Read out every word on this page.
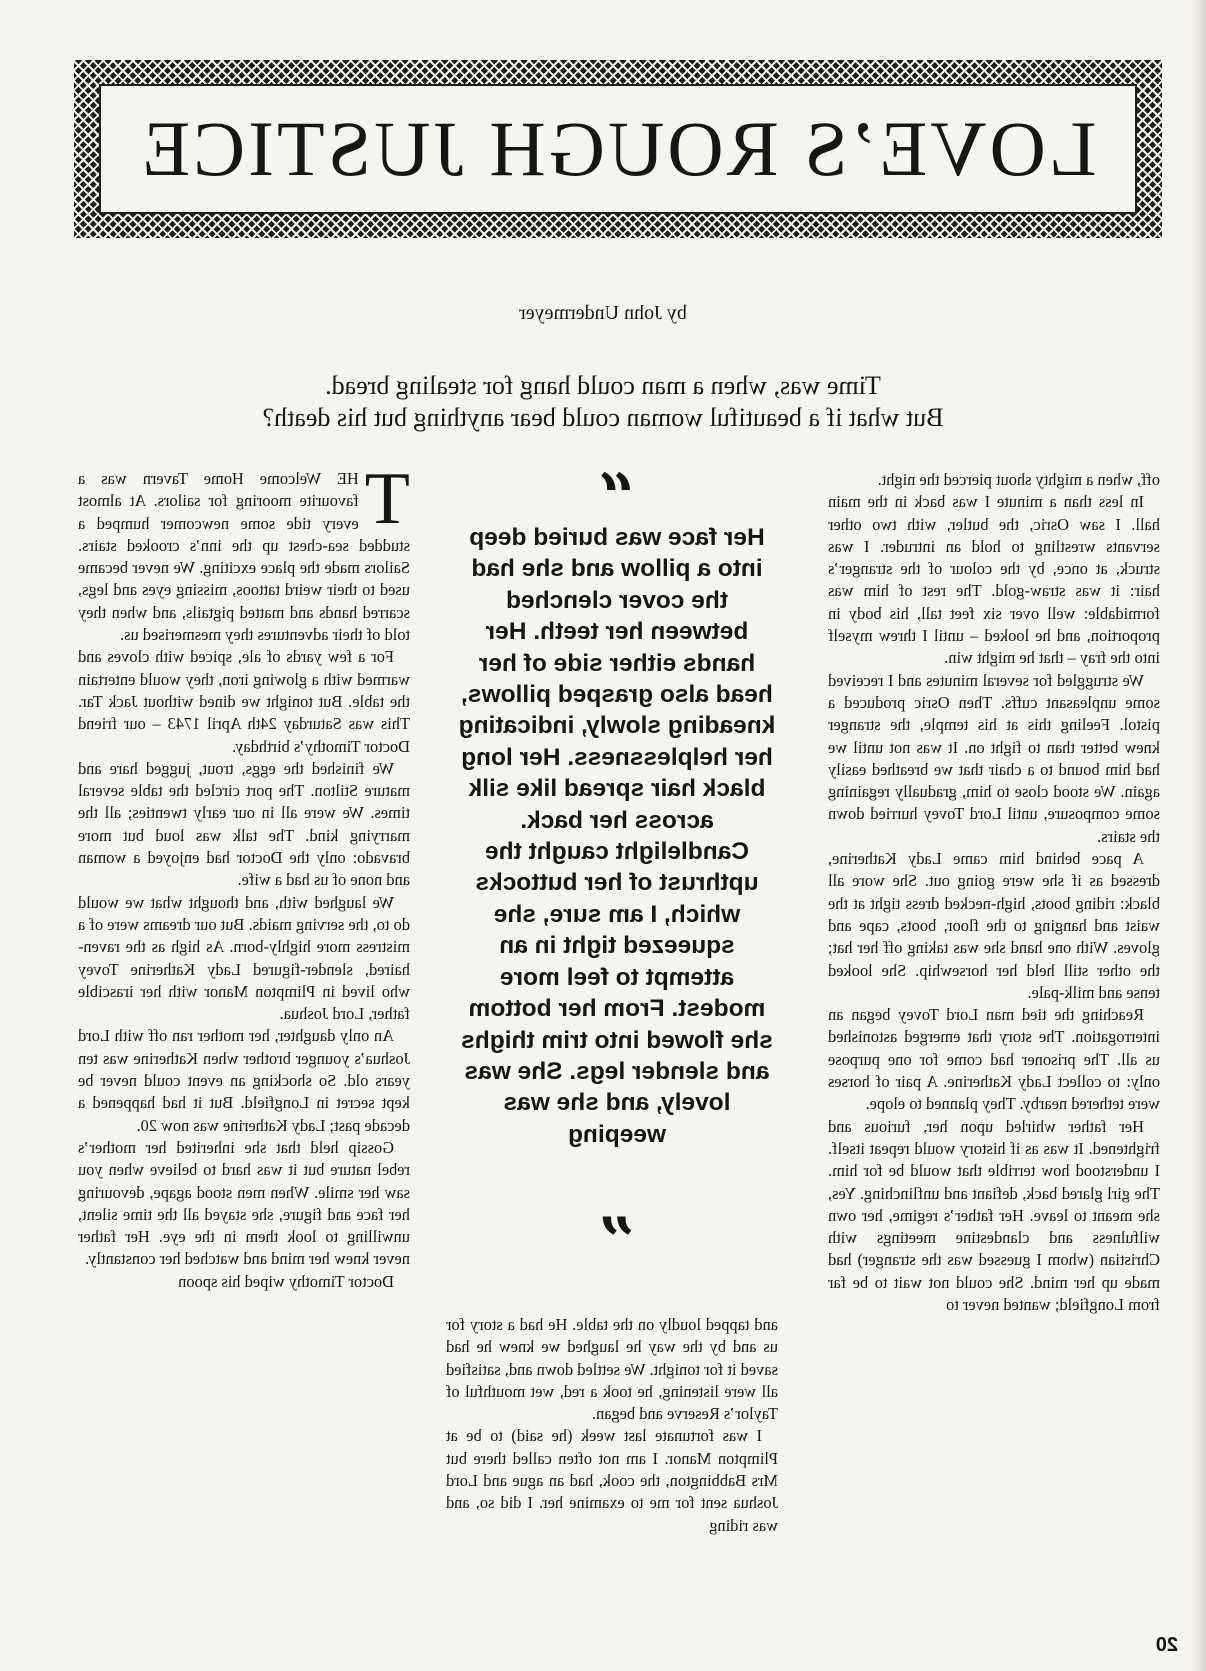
LOVE’S ROUGH JUSTICE
by John Undermeyer
Time was, when a man could hang for stealing bread.
But what if a beautiful woman could bear anything but his death?

T
HE Welcome Home Tavern was a favourite mooring for sailors. At almost every tide some newcomer humped a studded sea-chest up the inn’s crooked stairs. Sailors made the place exciting. We never became used to their weird tattoos, missing eyes and legs, scarred hands and matted pigtails, and when they told of their adventures they mesmerised us.

For a few yards of ale, spiced with cloves and warmed with a glowing iron, they would entertain the table. But tonight we dined without Jack Tar. This was Saturday 24th April 1743 – our friend Doctor Timothy’s birthday.

We finished the eggs, trout, jugged hare and mature Stilton. The port circled the table several times. We were all in our early twenties; all the marrying kind. The talk was loud but more bravado: only the Doctor had enjoyed a woman and none of us had a wife.

We laughed with, and thought what we would do to, the serving maids. But our dreams were of a mistress more highly-born. As high as the raven-haired, slender-figured Lady Katherine Tovey who lived in Plimpton Manor with her irascible father, Lord Joshua.

An only daughter, her mother ran off with Lord Joshua’s younger brother when Katherine was ten years old. So shocking an event could never be kept secret in Longfield. But it had happened a decade past; Lady Katherine was now 20.

Gossip held that she inherited her mother’s rebel nature but it was hard to believe when you saw her smile. When men stood agape, devouring her face and figure, she stayed all the time silent, unwilling to look them in the eye. Her father never knew her mind and watched her constantly.

Doctor Timothy wiped his spoon

“
Her face was buried deep into a pillow and she had the cover clenched between her teeth. Her hands either side of her head also grasped pillows, kneading slowly, indicating her helplessness. Her long black hair spread like silk across her back. Candlelight caught the upthrust of her buttocks which, I am sure, she squeezed tight in an attempt to feel more modest. From her bottom she flowed into trim thighs and slender legs. She was lovely, and she was weeping
”

and tapped loudly on the table. He had a story for us and by the way he laughed we knew he had saved it for tonight. We settled down and, satisfied all were listening, he took a red, wet mouthful of Taylor’s Reserve and began.

I was fortunate last week (he said) to be at Plimpton Manor. I am not often called there but Mrs Babbington, the cook, had an ague and Lord Joshua sent for me to examine her. I did so, and was riding

off, when a mighty shout pierced the night.

In less than a minute I was back in the main hall. I saw Osric, the butler, with two other servants wrestling to hold an intruder. I was struck, at once, by the colour of the stranger’s hair: it was straw-gold. The rest of him was formidable: well over six feet tall, his body in proportion, and he looked – until I threw myself into the fray – that he might win.

We struggled for several minutes and I received some unpleasant cuffs. Then Osric produced a pistol. Feeling this at his temple, the stranger knew better than to fight on. It was not until we had him bound to a chair that we breathed easily again. We stood close to him, gradually regaining some composure, until Lord Tovey hurried down the stairs.

A pace behind him came Lady Katherine, dressed as if she were going out. She wore all black: riding boots, high-necked dress tight at the waist and hanging to the floor, boots, cape and gloves. With one hand she was taking off her hat; the other still held her horsewhip. She looked tense and milk-pale.

Reaching the tied man Lord Tovey began an interrogation. The story that emerged astonished us all. The prisoner had come for one purpose only: to collect Lady Katherine. A pair of horses were tethered nearby. They planned to elope.

Her father whirled upon her, furious and frightened. It was as if history would repeat itself. I understood how terrible that would be for him. The girl glared back, defiant and unflinching. Yes, she meant to leave. Her father’s regime, her own wilfulness and clandestine meetings with Christian (whom I guessed was the stranger) had made up her mind. She could not wait to be far from Longfield; wanted never to

20
